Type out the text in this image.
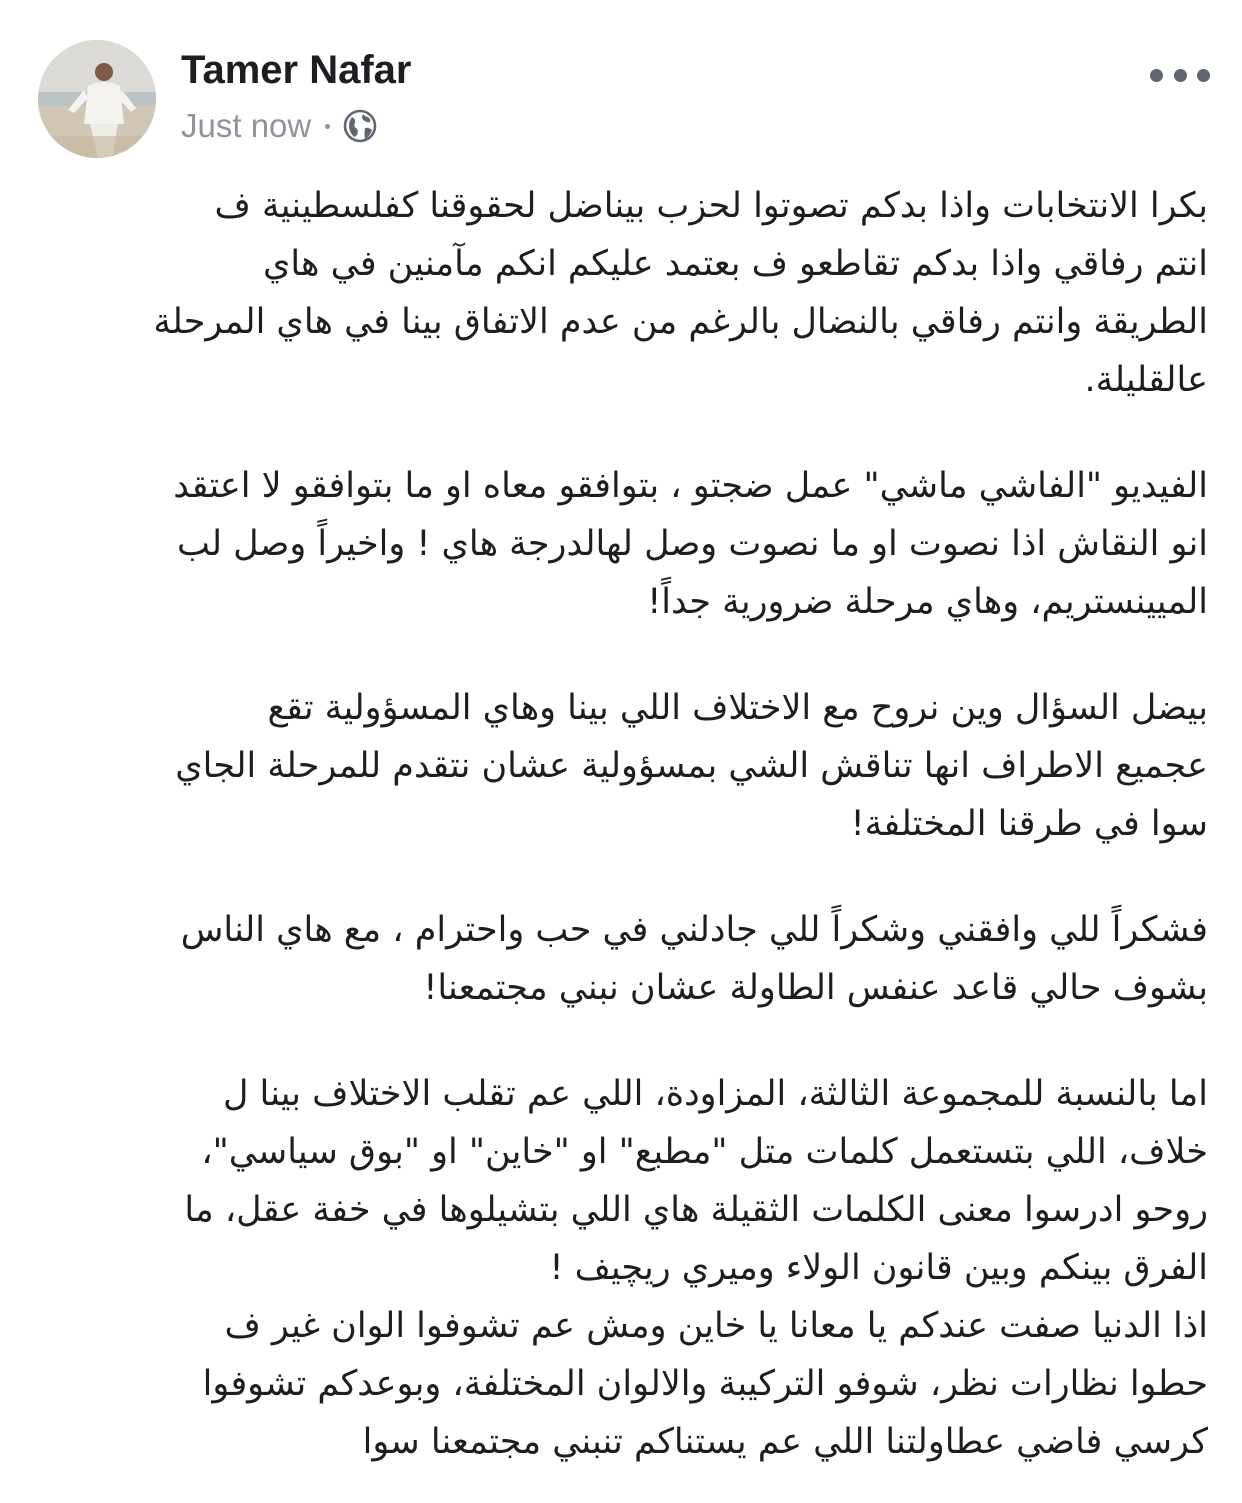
Tamer Nafar
Just now
بكرا الانتخابات واذا بدكم تصوتوا لحزب بيناضل لحقوقنا كفلسطينية ف
انتم رفاقي واذا بدكم تقاطعو ف بعتمد عليكم انكم مآمنين في هاي
الطريقة وانتم رفاقي بالنضال بالرغم من عدم الاتفاق بينا في هاي المرحلة
عالقليلة.
الفيديو "الفاشي ماشي" عمل ضجتو ، بتوافقو معاه او ما بتوافقو لا اعتقد
انو النقاش اذا نصوت او ما نصوت وصل لهالدرجة هاي ! واخيراً وصل لب
الميينستريم، وهاي مرحلة ضرورية جداً!
بيضل السؤال وين نروح مع الاختلاف اللي بينا وهاي المسؤولية تقع
عجميع الاطراف انها تناقش الشي بمسؤولية عشان نتقدم للمرحلة الجاي
سوا في طرقنا المختلفة!
فشكراً للي وافقني وشكراً للي جادلني في حب واحترام ، مع هاي الناس
بشوف حالي قاعد عنفس الطاولة عشان نبني مجتمعنا!
اما بالنسبة للمجموعة الثالثة، المزاودة، اللي عم تقلب الاختلاف بينا ل
خلاف، اللي بتستعمل كلمات متل "مطبع" او "خاين" او "بوق سياسي"،
روحو ادرسوا معنى الكلمات الثقيلة هاي اللي بتشيلوها في خفة عقل، ما
الفرق بينكم وبين قانون الولاء وميري ريچيف !
اذا الدنيا صفت عندكم يا معانا يا خاين ومش عم تشوفوا الوان غير ف
حطوا نظارات نظر، شوفو التركيبة والالوان المختلفة، وبوعدكم تشوفوا
كرسي فاضي عطاولتنا اللي عم يستناكم تنبني مجتمعنا سوا
